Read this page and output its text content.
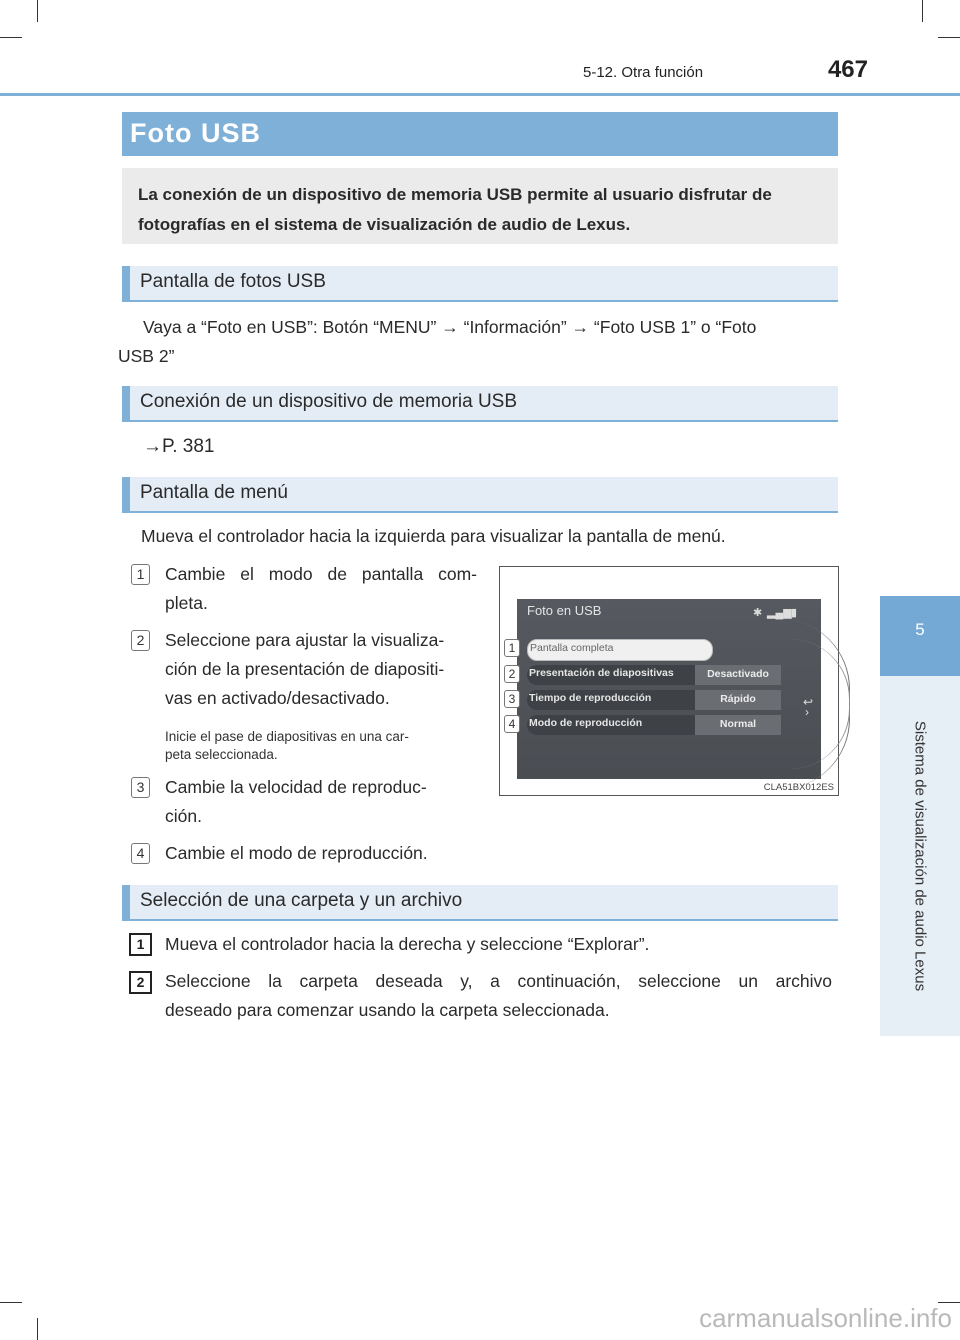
5-12. Otra función	467
5
Sistema de visualización de audio Lexus
Foto USB

La conexión de un dispositivo de memoria USB permite al usuario disfrutar de fotografías en el sistema de visualización de audio de Lexus.

Pantalla de fotos USB
Vaya a “Foto en USB”: Botón “MENU” → “Información” → “Foto USB 1” o “Foto
USB 2”
Conexión de un dispositivo de memoria USB
→P. 381
Pantalla de menú
Mueva el controlador hacia la izquierda para visualizar la pantalla de menú.
1	Cambie el modo de pantalla com-
pleta.
2	Seleccione para ajustar la visualiza-
ción de la presentación de diapositi-
vas en activado/desactivado.
Inicie el pase de diapositivas en una car-
peta seleccionada.
3	Cambie la velocidad de reproduc-
ción.
4	Cambie el modo de reproducción.
Foto en USB	✱ ▂▄▆ ▮
Pantalla completa
Presentación de diapositivas	Desactivado
Tiempo de reproducción	Rápido
Modo de reproducción	Normal
↩
›
1
2
3
4
CLA51BX012ES
Selección de una carpeta y un archivo
1	Mueva el controlador hacia la derecha y seleccione “Explorar”.
2	Seleccione la carpeta deseada y, a continuación, seleccione un archivo
deseado para comenzar usando la carpeta seleccionada.
carmanualsonline.info
